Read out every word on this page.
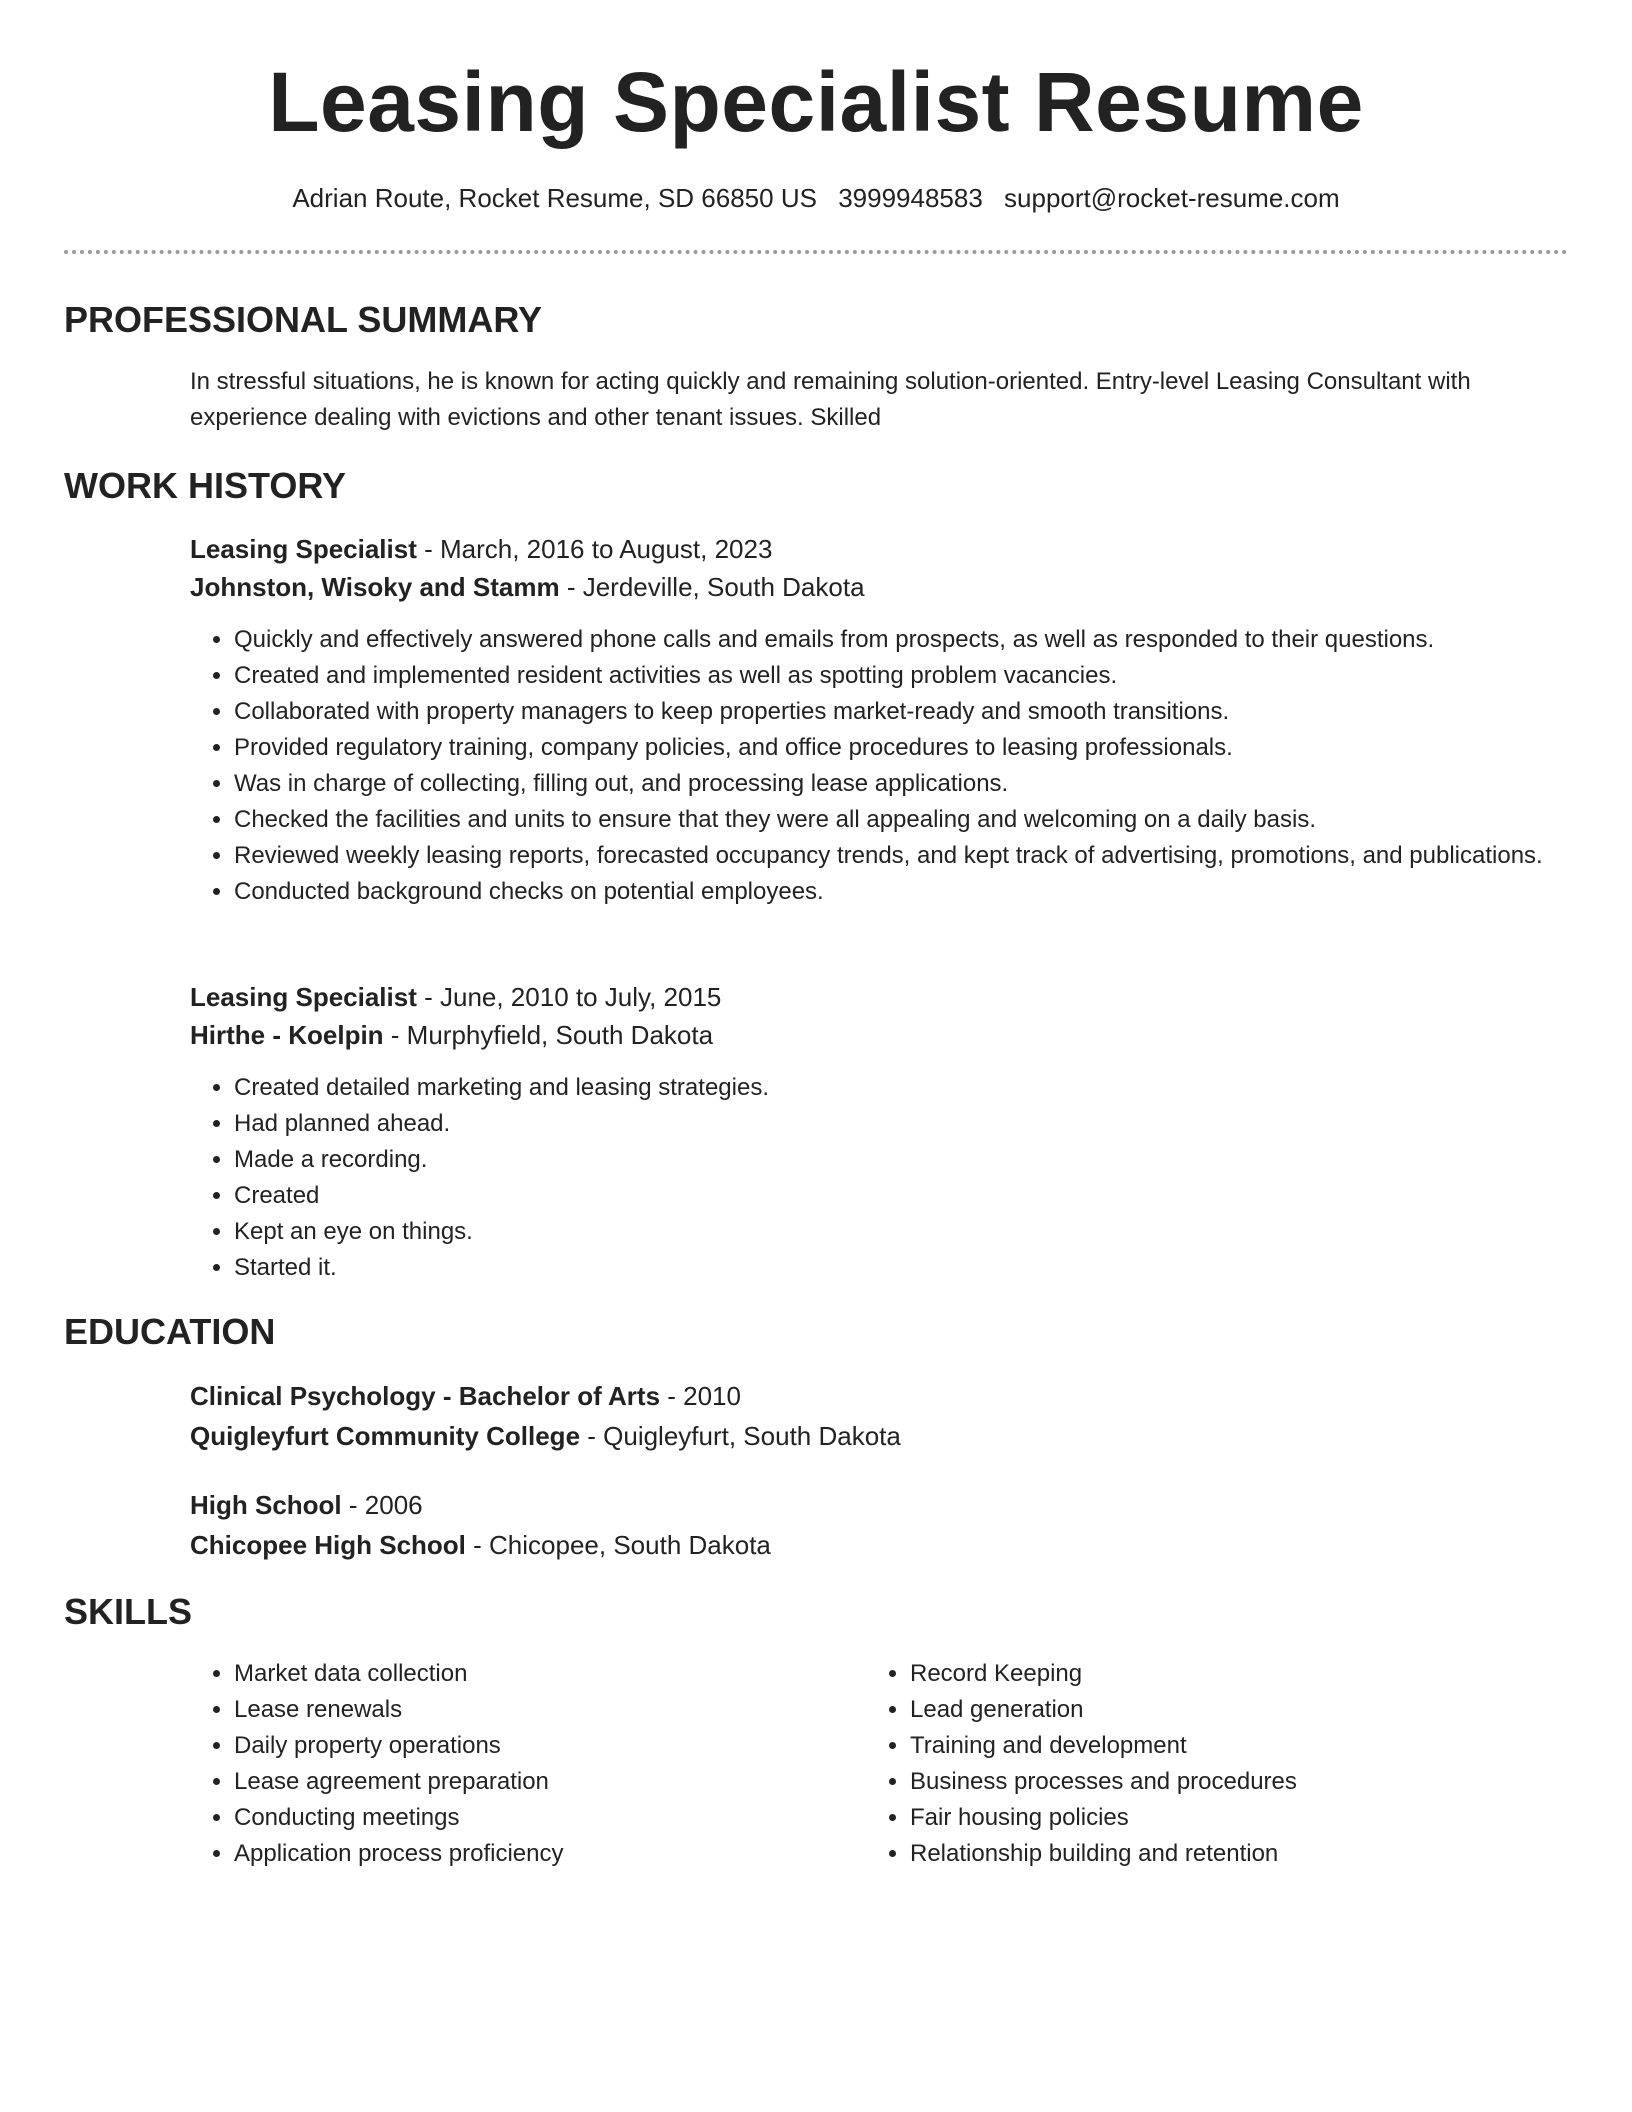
Leasing Specialist Resume
Adrian Route, Rocket Resume, SD 66850 US 3999948583 support@rocket-resume.com
PROFESSIONAL SUMMARY

In stressful situations, he is known for acting quickly and remaining solution-oriented. Entry-level Leasing Consultant with experience dealing with evictions and other tenant issues. Skilled

WORK HISTORY

Leasing Specialist - March, 2016 to August, 2023

Johnston, Wisoky and Stamm - Jerdeville, South Dakota

• Quickly and effectively answered phone calls and emails from prospects, as well as responded to their questions.
• Created and implemented resident activities as well as spotting problem vacancies.
• Collaborated with property managers to keep properties market-ready and smooth transitions.
• Provided regulatory training, company policies, and office procedures to leasing professionals.
• Was in charge of collecting, filling out, and processing lease applications.
• Checked the facilities and units to ensure that they were all appealing and welcoming on a daily basis.
• Reviewed weekly leasing reports, forecasted occupancy trends, and kept track of advertising, promotions, and publications.
• Conducted background checks on potential employees.

Leasing Specialist - June, 2010 to July, 2015

Hirthe - Koelpin - Murphyfield, South Dakota

• Created detailed marketing and leasing strategies.
• Had planned ahead.
• Made a recording.
• Created
• Kept an eye on things.
• Started it.
EDUCATION

Clinical Psychology - Bachelor of Arts - 2010

Quigleyfurt Community College - Quigleyfurt, South Dakota

High School - 2006

Chicopee High School - Chicopee, South Dakota

SKILLS
• Market data collection
• Lease renewals
• Daily property operations
• Lease agreement preparation
• Conducting meetings
• Application process proficiency
• Record Keeping
• Lead generation
• Training and development
• Business processes and procedures
• Fair housing policies
• Relationship building and retention
